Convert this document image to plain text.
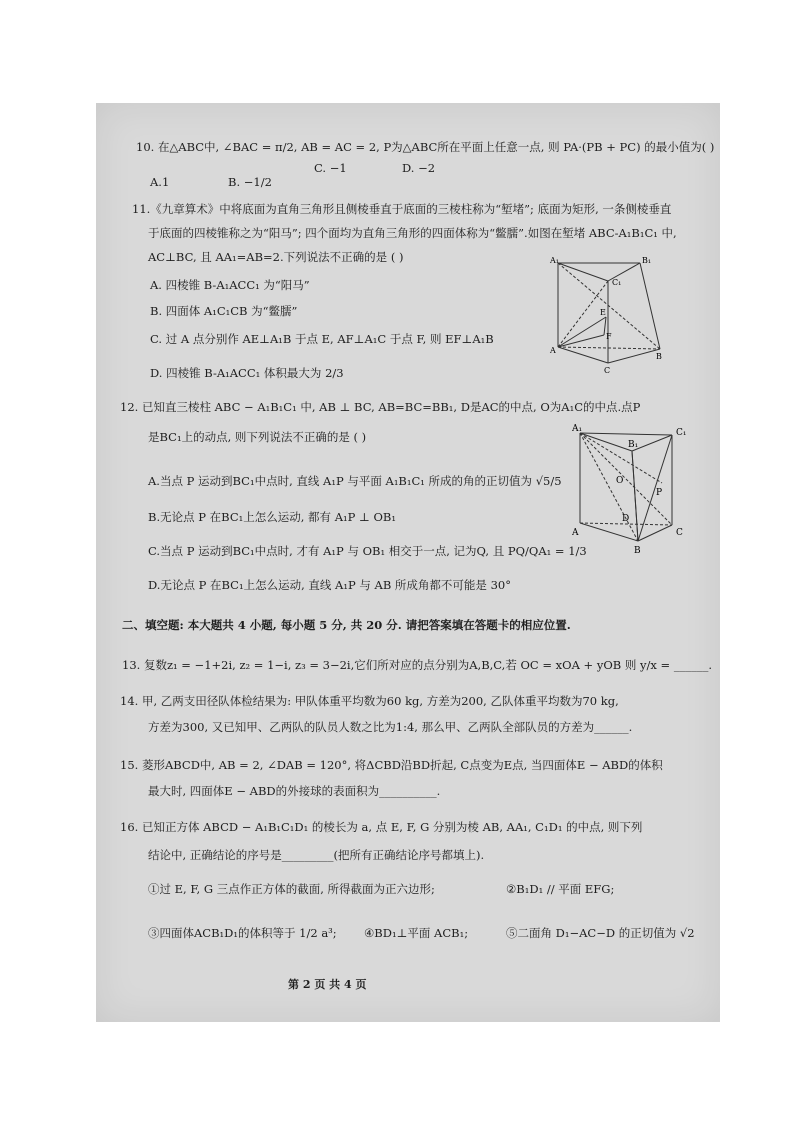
10. 在△ABC中, ∠BAC = π/2, AB = AC = 2, P为△ABC所在平面上任意一点, 则 PA·(PB + PC) 的最小值为( )
A.1	B. −1/2
C. −1	D. −2
11.《九章算术》中将底面为直角三角形且侧棱垂直于底面的三棱柱称为“堑堵”; 底面为矩形, 一条侧棱垂直
于底面的四棱锥称之为“阳马”; 四个面均为直角三角形的四面体称为“鳖臑”.如图在堑堵 ABC-A₁B₁C₁ 中,
AC⊥BC, 且 AA₁=AB=2.下列说法不正确的是 ( )
A. 四棱锥 B-A₁ACC₁ 为“阳马”
B. 四面体 A₁C₁CB 为“鳖臑”
C. 过 A 点分别作 AE⊥A₁B 于点 E, AF⊥A₁C 于点 F, 则 EF⊥A₁B
D. 四棱锥 B-A₁ACC₁ 体积最大为 2/3
A₁	B₁
C₁
E
F
A
B
C
12. 已知直三棱柱 ABC − A₁B₁C₁ 中, AB ⊥ BC, AB=BC=BB₁, D是AC的中点, O为A₁C的中点.点P
是BC₁上的动点, 则下列说法不正确的是 ( )
A.当点 P 运动到BC₁中点时, 直线 A₁P 与平面 A₁B₁C₁ 所成的角的正切值为 √5/5
B.无论点 P 在BC₁上怎么运动, 都有 A₁P ⊥ OB₁
C.当点 P 运动到BC₁中点时, 才有 A₁P 与 OB₁ 相交于一点, 记为Q, 且 PQ/QA₁ = 1/3
D.无论点 P 在BC₁上怎么运动, 直线 A₁P 与 AB 所成角都不可能是 30°
A₁	C₁
B₁
O
P
D
A	C
B
二、填空题: 本大题共 4 小题, 每小题 5 分, 共 20 分. 请把答案填在答题卡的相应位置.
13. 复数z₁ = −1+2i, z₂ = 1−i, z₃ = 3−2i,它们所对应的点分别为A,B,C,若 OC = xOA + yOB 则 y/x = ______.
14. 甲, 乙两支田径队体检结果为: 甲队体重平均数为60 kg, 方差为200, 乙队体重平均数为70 kg,
方差为300, 又已知甲、乙两队的队员人数之比为1:4, 那么甲、乙两队全部队员的方差为______.
15. 菱形ABCD中, AB = 2, ∠DAB = 120°, 将ΔCBD沿BD折起, C点变为E点, 当四面体E − ABD的体积
最大时, 四面体E − ABD的外接球的表面积为__________.
16. 已知正方体 ABCD − A₁B₁C₁D₁ 的棱长为 a, 点 E, F, G 分别为棱 AB, AA₁, C₁D₁ 的中点, 则下列
结论中, 正确结论的序号是_________(把所有正确结论序号都填上).
①过 E, F, G 三点作正方体的截面, 所得截面为正六边形;	②B₁D₁ // 平面 EFG;
③四面体ACB₁D₁的体积等于 1/2 a³; ④BD₁⊥平面 ACB₁;	⑤二面角 D₁−AC−D 的正切值为 √2
第 2 页 共 4 页
